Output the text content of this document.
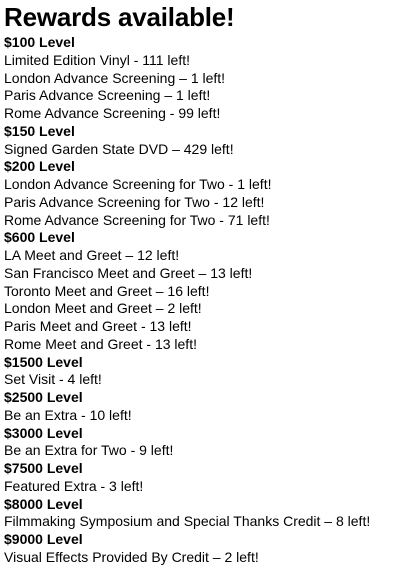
Rewards available!
$100 Level
Limited Edition Vinyl - 111 left!
London Advance Screening – 1 left!
Paris Advance Screening – 1 left!
Rome Advance Screening - 99 left!
$150 Level
Signed Garden State DVD – 429 left!
$200 Level
London Advance Screening for Two - 1 left!
Paris Advance Screening for Two - 12 left!
Rome Advance Screening for Two - 71 left!
$600 Level
LA Meet and Greet – 12 left!
San Francisco Meet and Greet – 13 left!
Toronto Meet and Greet – 16 left!
London Meet and Greet – 2 left!
Paris Meet and Greet - 13 left!
Rome Meet and Greet - 13 left!
$1500 Level
Set Visit - 4 left!
$2500 Level
Be an Extra - 10 left!
$3000 Level
Be an Extra for Two - 9 left!
$7500 Level
Featured Extra - 3 left!
$8000 Level
Filmmaking Symposium and Special Thanks Credit – 8 left!
$9000 Level
Visual Effects Provided By Credit – 2 left!
